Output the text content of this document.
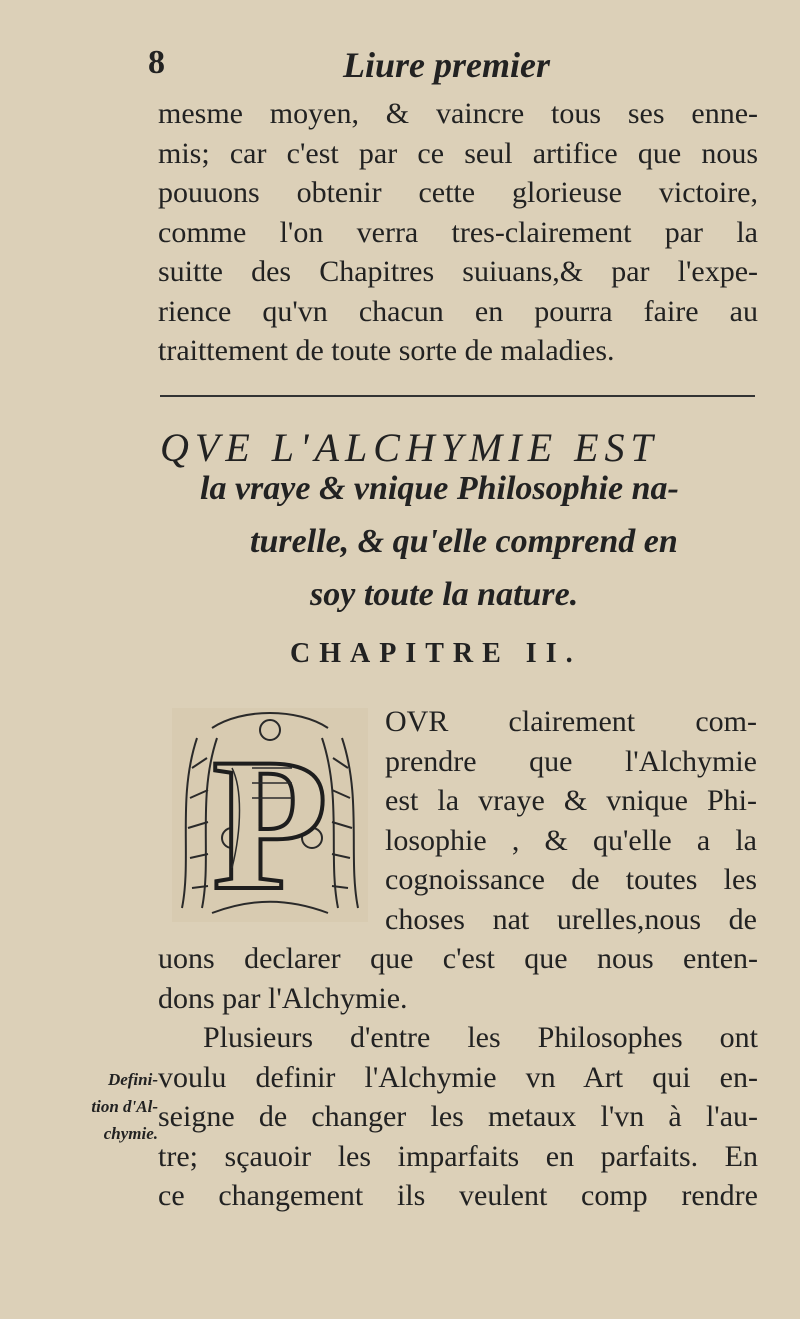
8	Liure premier
mesme moyen, & vaincre tous ses enne-
mis; car c'est par ce seul artifice que nous
pouuons obtenir cette glorieuse victoire,
comme l'on verra tres-clairement par la
suitte des Chapitres suiuans,& par l'expe-
rience qu'vn chacun en pourra faire au
traittement de toute sorte de maladies.
QVE L'ALCHYMIE EST
la vraye & vnique Philosophie na-
turelle, & qu'elle comprend en
soy toute la nature.
CHAPITRE II.
P OVR clairement com-
prendre que l'Alchymie
est la vraye & vnique Phi-
losophie , & qu'elle a la
cognoissance de toutes les
choses nat urelles,nous de
uons declarer que c'est que nous enten-
dons par l'Alchymie.
Plusieurs d'entre les Philosophes ont
voulu definir l'Alchymie vn Art qui en-
seigne de changer les metaux l'vn à l'au-
tre; sçauoir les imparfaits en parfaits. En
ce changement ils veulent comp rendre
Defini-
tion d'Al-
chymie.
